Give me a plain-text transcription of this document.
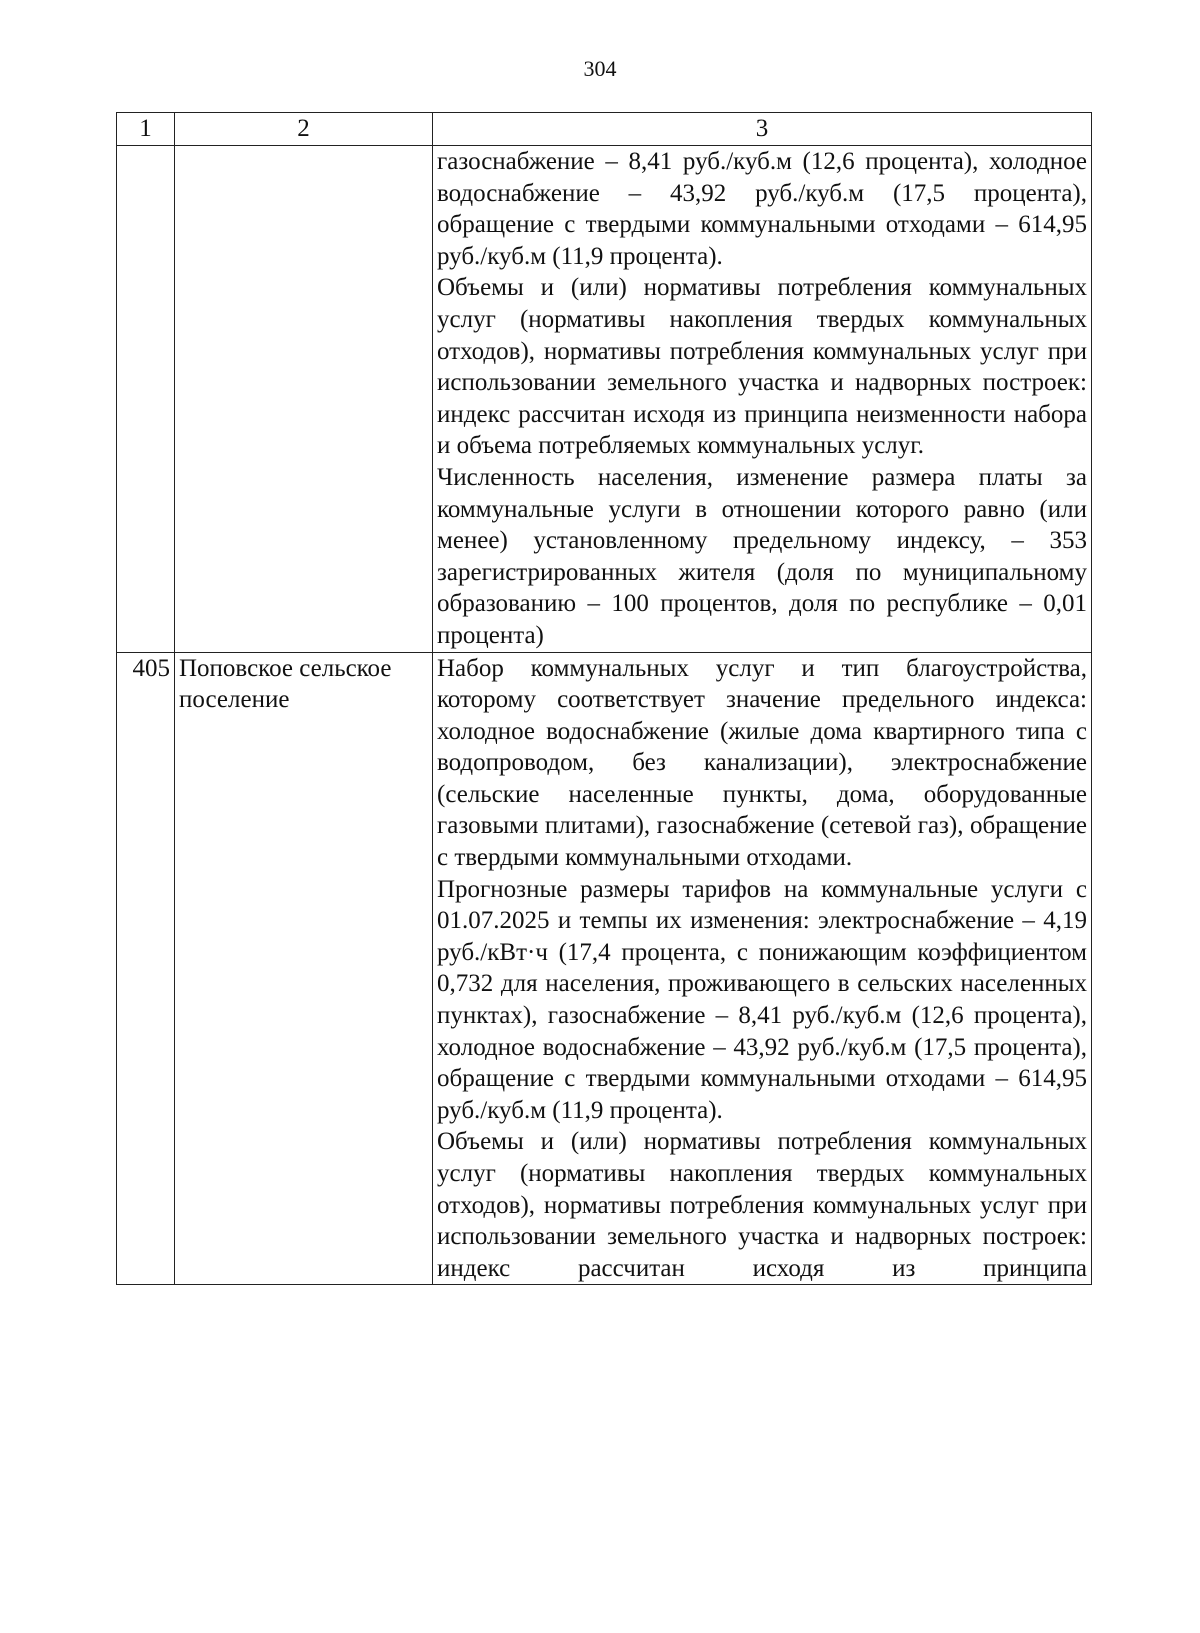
304
1	2	3

		газоснабжение – 8,41 руб./куб.м (12,6 процента), холодное водоснабжение – 43,92 руб./куб.м (17,5 процента), обращение с твердыми коммунальными отходами – 614,95 руб./куб.м (11,9 процента).

Объемы и (или) нормативы потребления коммунальных услуг (нормативы накопления твердых коммунальных отходов), нормативы потребления коммунальных услуг при использовании земельного участка и надворных построек: индекс рассчитан исходя из принципа неизменности набора и объема потребляемых коммунальных услуг.

Численность населения, изменение размера платы за коммунальные услуги в отношении которого равно (или менее) установленному предельному индексу, – 353 зарегистрированных жителя (доля по муниципальному образованию – 100 процентов, доля по республике – 0,01 процента)

405	Поповское сельское поселение	Набор коммунальных услуг и тип благоустройства, которому соответствует значение предельного индекса: холодное водоснабжение (жилые дома квартирного типа с водопроводом, без канализации), электроснабжение (сельские населенные пункты, дома, оборудованные газовыми плитами), газоснабжение (сетевой газ), обращение с твердыми коммунальными отходами.

Прогнозные размеры тарифов на коммунальные услуги с 01.07.2025 и темпы их изменения: электроснабжение – 4,19 руб./кВт·ч (17,4 процента, с понижающим коэффициентом 0,732 для населения, проживающего в сельских населенных пунктах), газоснабжение – 8,41 руб./куб.м (12,6 процента), холодное водоснабжение – 43,92 руб./куб.м (17,5 процента), обращение с твердыми коммунальными отходами – 614,95 руб./куб.м (11,9 процента).

Объемы и (или) нормативы потребления коммунальных услуг (нормативы накопления твердых коммунальных отходов), нормативы потребления коммунальных услуг при использовании земельного участка и надворных построек: индекс рассчитан исходя из принципа
